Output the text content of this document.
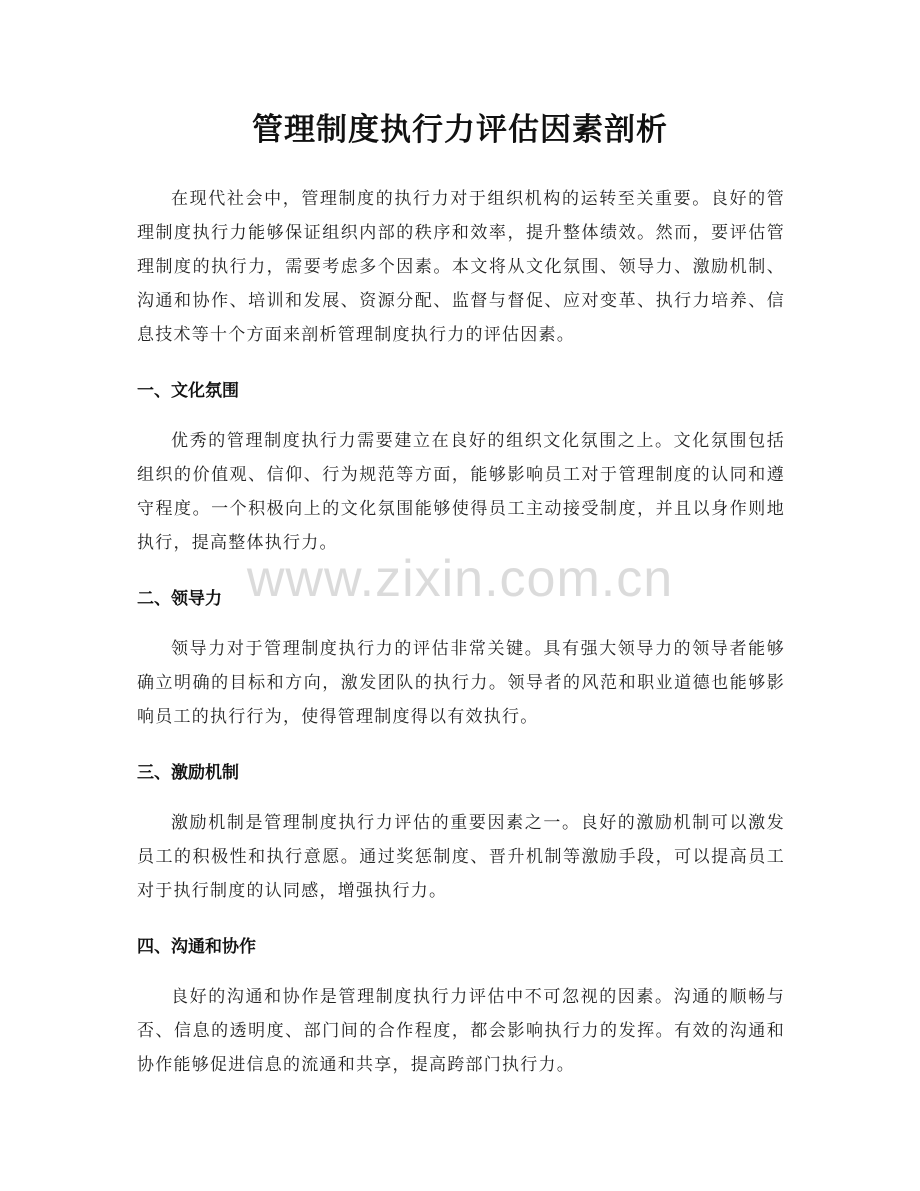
管理制度执行力评估因素剖析

在现代社会中，管理制度的执行力对于组织机构的运转至关重要。良好的管理制度执行力能够保证组织内部的秩序和效率，提升整体绩效。然而，要评估管理制度的执行力，需要考虑多个因素。本文将从文化氛围、领导力、激励机制、沟通和协作、培训和发展、资源分配、监督与督促、应对变革、执行力培养、信息技术等十个方面来剖析管理制度执行力的评估因素。

一、文化氛围

优秀的管理制度执行力需要建立在良好的组织文化氛围之上。文化氛围包括组织的价值观、信仰、行为规范等方面，能够影响员工对于管理制度的认同和遵守程度。一个积极向上的文化氛围能够使得员工主动接受制度，并且以身作则地执行，提高整体执行力。

二、领导力

领导力对于管理制度执行力的评估非常关键。具有强大领导力的领导者能够确立明确的目标和方向，激发团队的执行力。领导者的风范和职业道德也能够影响员工的执行行为，使得管理制度得以有效执行。

三、激励机制

激励机制是管理制度执行力评估的重要因素之一。良好的激励机制可以激发员工的积极性和执行意愿。通过奖惩制度、晋升机制等激励手段，可以提高员工对于执行制度的认同感，增强执行力。

四、沟通和协作

良好的沟通和协作是管理制度执行力评估中不可忽视的因素。沟通的顺畅与否、信息的透明度、部门间的合作程度，都会影响执行力的发挥。有效的沟通和协作能够促进信息的流通和共享，提高跨部门执行力。

www.zixin.com.cn
